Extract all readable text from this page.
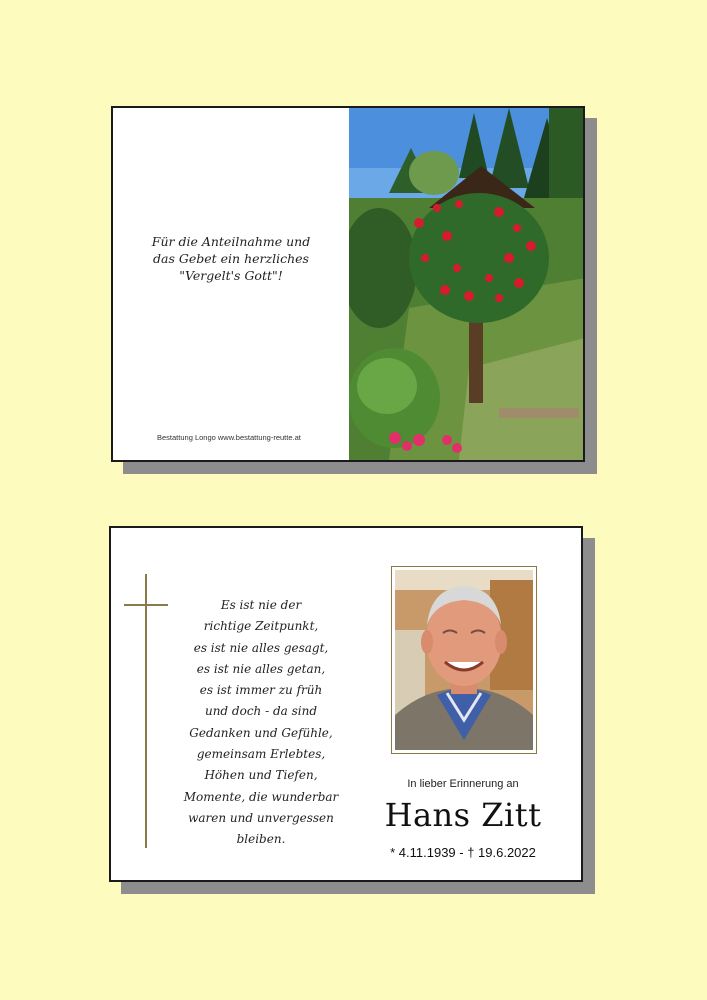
Für die Anteilnahme und
das Gebet ein herzliches
"Vergelt's Gott"!
Bestattung Longo www.bestattung-reutte.at
Es ist nie der
richtige Zeitpunkt,
es ist nie alles gesagt,
es ist nie alles getan,
es ist immer zu früh
und doch - da sind
Gedanken und Gefühle,
gemeinsam Erlebtes,
Höhen und Tiefen,
Momente, die wunderbar
waren und unvergessen
bleiben.
In lieber Erinnerung an
Hans Zitt
* 4.11.1939 - † 19.6.2022
